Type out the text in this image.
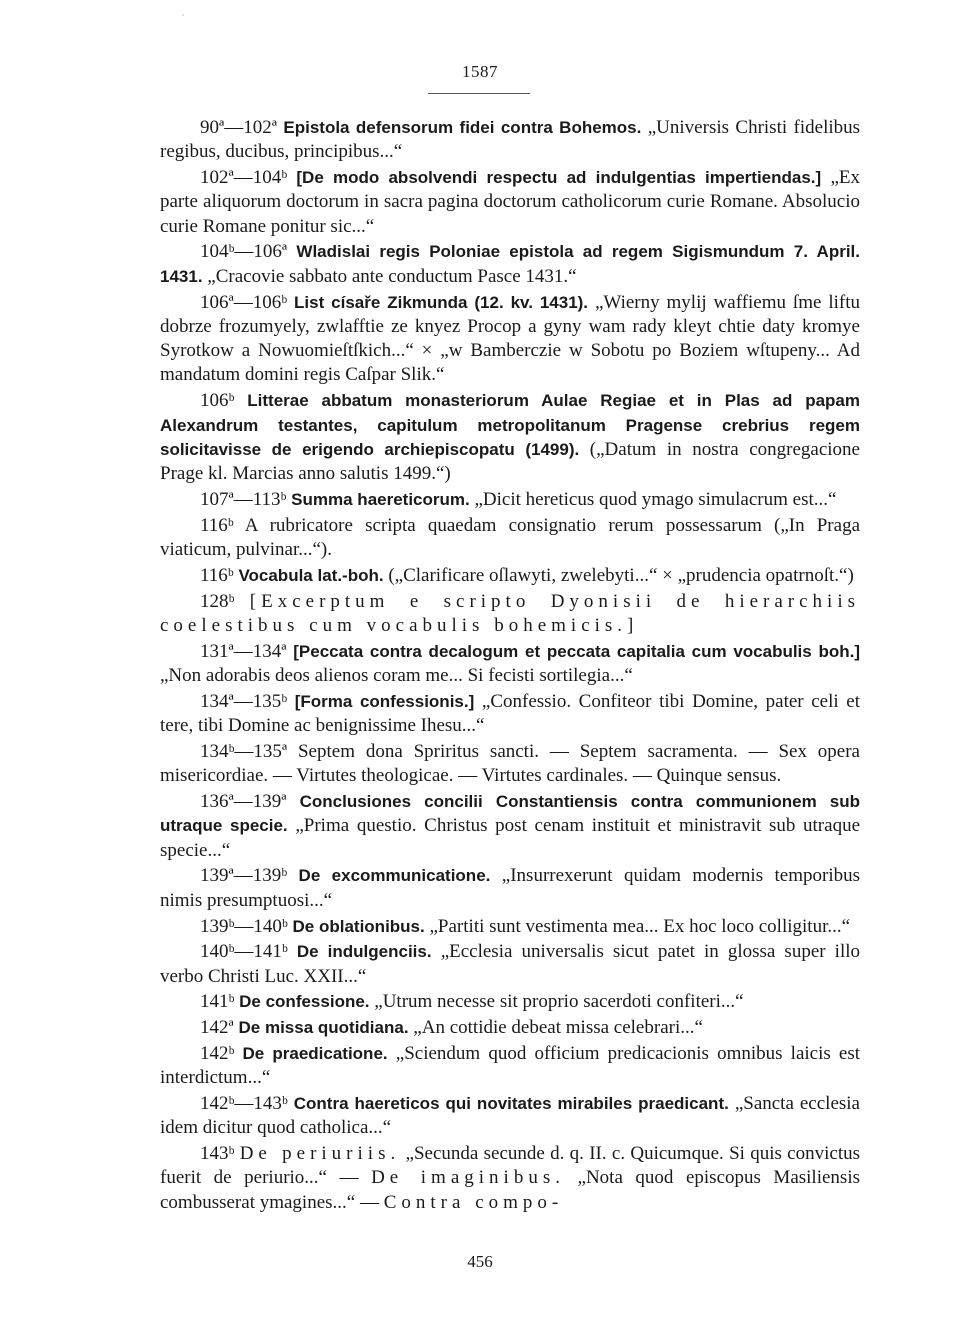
ʹ
1587

90ª—102ª Epistola defensorum fidei contra Bohemos. „Universis Christi fidelibus regibus, ducibus, principibus...“

102ª—104ᵇ [De modo absolvendi respectu ad indulgentias impertiendas.] „Ex parte aliquorum doctorum in sacra pagina doctorum catholicorum curie Romane. Absolucio curie Romane ponitur sic...“

104ᵇ—106ª Wladislai regis Poloniae epistola ad regem Sigismundum 7. April. 1431. „Cracovie sabbato ante conductum Pasce 1431.“

106ª—106ᵇ List císaře Zikmunda (12. kv. 1431). „Wierny mylij waffiemu ſme liftu dobrze frozumyely, zwlafftie ze knyez Procop a gyny wam rady kleyt chtie daty kromye Syrotkow a Nowuomieſtſkich...“ × „w Bamberczie w Sobotu po Boziem wſtupeny... Ad mandatum domini regis Caſpar Slik.“

106ᵇ Litterae abbatum monasteriorum Aulae Regiae et in Plas ad papam Alexandrum testantes, capitulum metropolitanum Pragense crebrius regem solicitavisse de erigendo archiepiscopatu (1499). („Datum in nostra congregacione Prage kl. Marcias anno salutis 1499.“)

107ª—113ᵇ Summa haereticorum. „Dicit hereticus quod ymago simulacrum est...“

116ᵇ A rubricatore scripta quaedam consignatio rerum possessarum („In Praga viaticum, pulvinar...“).

116ᵇ Vocabula lat.-boh. („Clarificare oſlawyti, zwelebyti...“ × „prudencia opatrnoſt.“)

128ᵇ [Excerptum e scripto Dyonisii de hierarchiis coelestibus cum vocabulis bohemicis.]

131ª—134ª [Peccata contra decalogum et peccata capitalia cum vocabulis boh.] „Non adorabis deos alienos coram me... Si fecisti sortilegia...“

134ª—135ᵇ [Forma confessionis.] „Confessio. Confiteor tibi Domine, pater celi et tere, tibi Domine ac benignissime Ihesu...“

134ᵇ—135ª Septem dona Spriritus sancti. — Septem sacramenta. — Sex opera misericordiae. — Virtutes theologicae. — Virtutes cardinales. — Quinque sensus.

136ª—139ª Conclusiones concilii Constantiensis contra communionem sub utraque specie. „Prima questio. Christus post cenam instituit et ministravit sub utraque specie...“

139ª—139ᵇ De excommunicatione. „Insurrexerunt quidam modernis temporibus nimis presumptuosi...“

139ᵇ—140ᵇ De oblationibus. „Partiti sunt vestimenta mea... Ex hoc loco colligitur...“

140ᵇ—141ᵇ De indulgenciis. „Ecclesia universalis sicut patet in glossa super illo verbo Christi Luc. XXII...“

141ᵇ De confessione. „Utrum necesse sit proprio sacerdoti confiteri...“

142ª De missa quotidiana. „An cottidie debeat missa celebrari...“

142ᵇ De praedicatione. „Sciendum quod officium predicacionis omnibus laicis est interdictum...“

142ᵇ—143ᵇ Contra haereticos qui novitates mirabiles praedicant. „Sancta ecclesia idem dicitur quod catholica...“

143ᵇ De periuriis. „Secunda secunde d. q. II. c. Quicumque. Si quis convictus fuerit de periurio...“ — De imaginibus. „Nota quod episcopus Masiliensis combusserat ymagines...“ — Contra compo-

456
